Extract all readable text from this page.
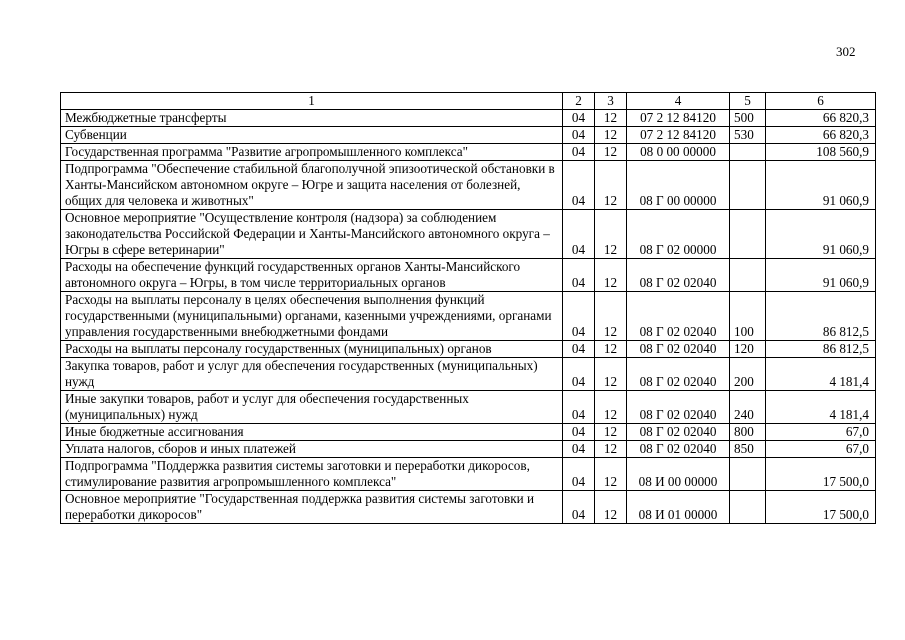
302
1	2	3	4	5	6
Межбюджетные трансферты	04	12	07 2 12 84120	500	66 820,3
Субвенции	04	12	07 2 12 84120	530	66 820,3
Государственная программа "Развитие агропромышленного комплекса"	04	12	08 0 00 00000		108 560,9
Подпрограмма "Обеспечение стабильной благополучной эпизоотической обстановки в Ханты-Мансийском автономном округе – Югре и защита населения от болезней, общих для человека и животных"	04	12	08 Г 00 00000		91 060,9
Основное мероприятие "Осуществление контроля (надзора) за соблюдением законодательства Российской Федерации и Ханты-Мансийского автономного округа – Югры в сфере ветеринарии"	04	12	08 Г 02 00000		91 060,9
Расходы на обеспечение функций государственных органов Ханты-Мансийского автономного округа – Югры, в том числе территориальных органов	04	12	08 Г 02 02040		91 060,9
Расходы на выплаты персоналу в целях обеспечения выполнения функций государственными (муниципальными) органами, казенными учреждениями, органами управления государственными внебюджетными фондами	04	12	08 Г 02 02040	100	86 812,5
Расходы на выплаты персоналу государственных (муниципальных) органов	04	12	08 Г 02 02040	120	86 812,5
Закупка товаров, работ и услуг для обеспечения государственных (муниципальных) нужд	04	12	08 Г 02 02040	200	4 181,4
Иные закупки товаров, работ и услуг для обеспечения государственных (муниципальных) нужд	04	12	08 Г 02 02040	240	4 181,4
Иные бюджетные ассигнования	04	12	08 Г 02 02040	800	67,0
Уплата налогов, сборов и иных платежей	04	12	08 Г 02 02040	850	67,0
Подпрограмма "Поддержка развития системы заготовки и переработки дикоросов, стимулирование развития агропромышленного комплекса"	04	12	08 И 00 00000		17 500,0
Основное мероприятие "Государственная поддержка развития системы заготовки и переработки дикоросов"	04	12	08 И 01 00000		17 500,0
